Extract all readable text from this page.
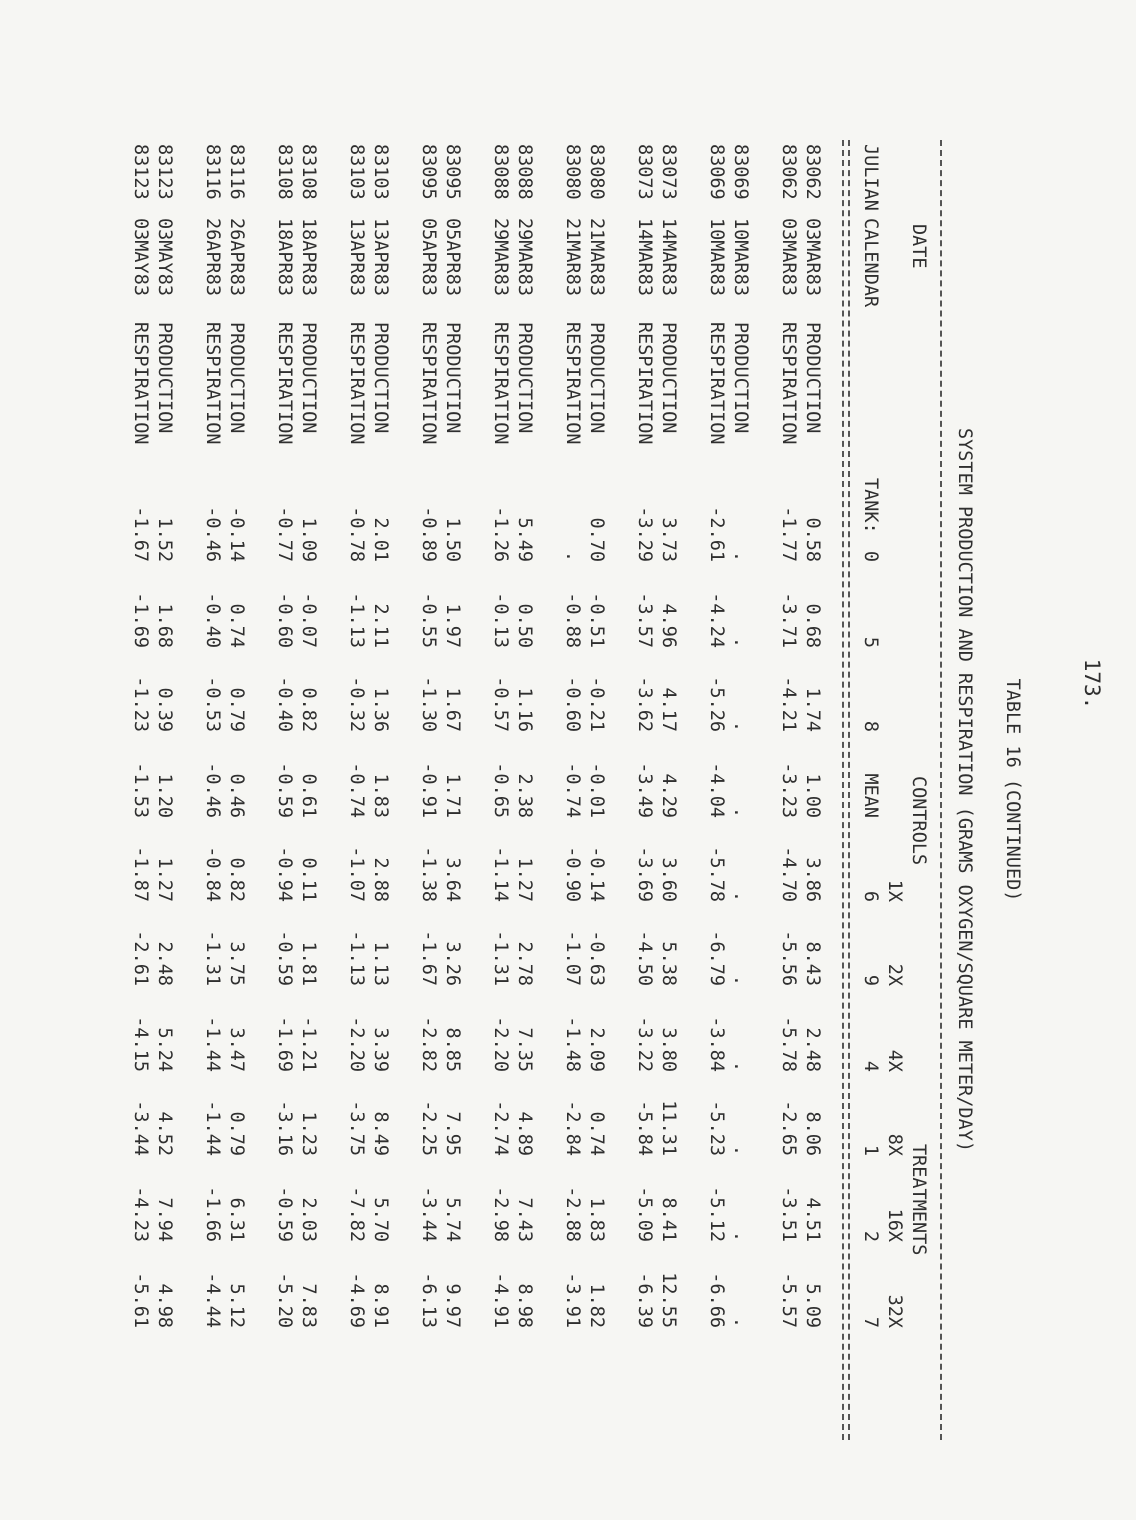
173.
TABLE 16 (CONTINUED)
SYSTEM PRODUCTION AND RESPIRATION (GRAMS OXYGEN/SQUARE METER/DAY)
DATE
CONTROLS
TREATMENTS
1X
2X
4X
8X
16X
32X
JULIAN
CALENDAR
TANK:
0
5
8
MEAN
6
9
4
1
2
7
83062
03MAR83
PRODUCTION
0.58
0.68
1.74
1.00
3.86
8.43
2.48
8.06
4.51
5.09
83062
03MAR83
RESPIRATION
-1.77
-3.71
-4.21
-3.23
-4.70
-5.56
-5.78
-2.65
-3.51
-5.57
83069
10MAR83
PRODUCTION
.
.
.
.
.
.
.
.
.
.
83069
10MAR83
RESPIRATION
-2.61
-4.24
-5.26
-4.04
-5.78
-6.79
-3.84
-5.23
-5.12
-6.66
83073
14MAR83
PRODUCTION
3.73
4.96
4.17
4.29
3.60
5.38
3.80
11.31
8.41
12.55
83073
14MAR83
RESPIRATION
-3.29
-3.57
-3.62
-3.49
-3.69
-4.50
-3.22
-5.84
-5.09
-6.39
83080
21MAR83
PRODUCTION
0.70
-0.51
-0.21
-0.01
-0.14
-0.63
2.09
0.74
1.83
1.82
83080
21MAR83
RESPIRATION
.
-0.88
-0.60
-0.74
-0.90
-1.07
-1.48
-2.84
-2.88
-3.91
83088
29MAR83
PRODUCTION
5.49
0.50
1.16
2.38
1.27
2.78
7.35
4.89
7.43
8.98
83088
29MAR83
RESPIRATION
-1.26
-0.13
-0.57
-0.65
-1.14
-1.31
-2.20
-2.74
-2.98
-4.91
83095
05APR83
PRODUCTION
1.50
1.97
1.67
1.71
3.64
3.26
8.85
7.95
5.74
9.97
83095
05APR83
RESPIRATION
-0.89
-0.55
-1.30
-0.91
-1.38
-1.67
-2.82
-2.25
-3.44
-6.13
83103
13APR83
PRODUCTION
2.01
2.11
1.36
1.83
2.88
1.13
3.39
8.49
5.70
8.91
83103
13APR83
RESPIRATION
-0.78
-1.13
-0.32
-0.74
-1.07
-1.13
-2.20
-3.75
-7.82
-4.69
83108
18APR83
PRODUCTION
1.09
-0.07
0.82
0.61
0.11
1.81
-1.21
1.23
2.03
7.83
83108
18APR83
RESPIRATION
-0.77
-0.60
-0.40
-0.59
-0.94
-0.59
-1.69
-3.16
-0.59
-5.20
83116
26APR83
PRODUCTION
-0.14
0.74
0.79
0.46
0.82
3.75
3.47
0.79
6.31
5.12
83116
26APR83
RESPIRATION
-0.46
-0.40
-0.53
-0.46
-0.84
-1.31
-1.44
-1.44
-1.66
-4.44
83123
03MAY83
PRODUCTION
1.52
1.68
0.39
1.20
1.27
2.48
5.24
4.52
7.94
4.98
83123
03MAY83
RESPIRATION
-1.67
-1.69
-1.23
-1.53
-1.87
-2.61
-4.15
-3.44
-4.23
-5.61
